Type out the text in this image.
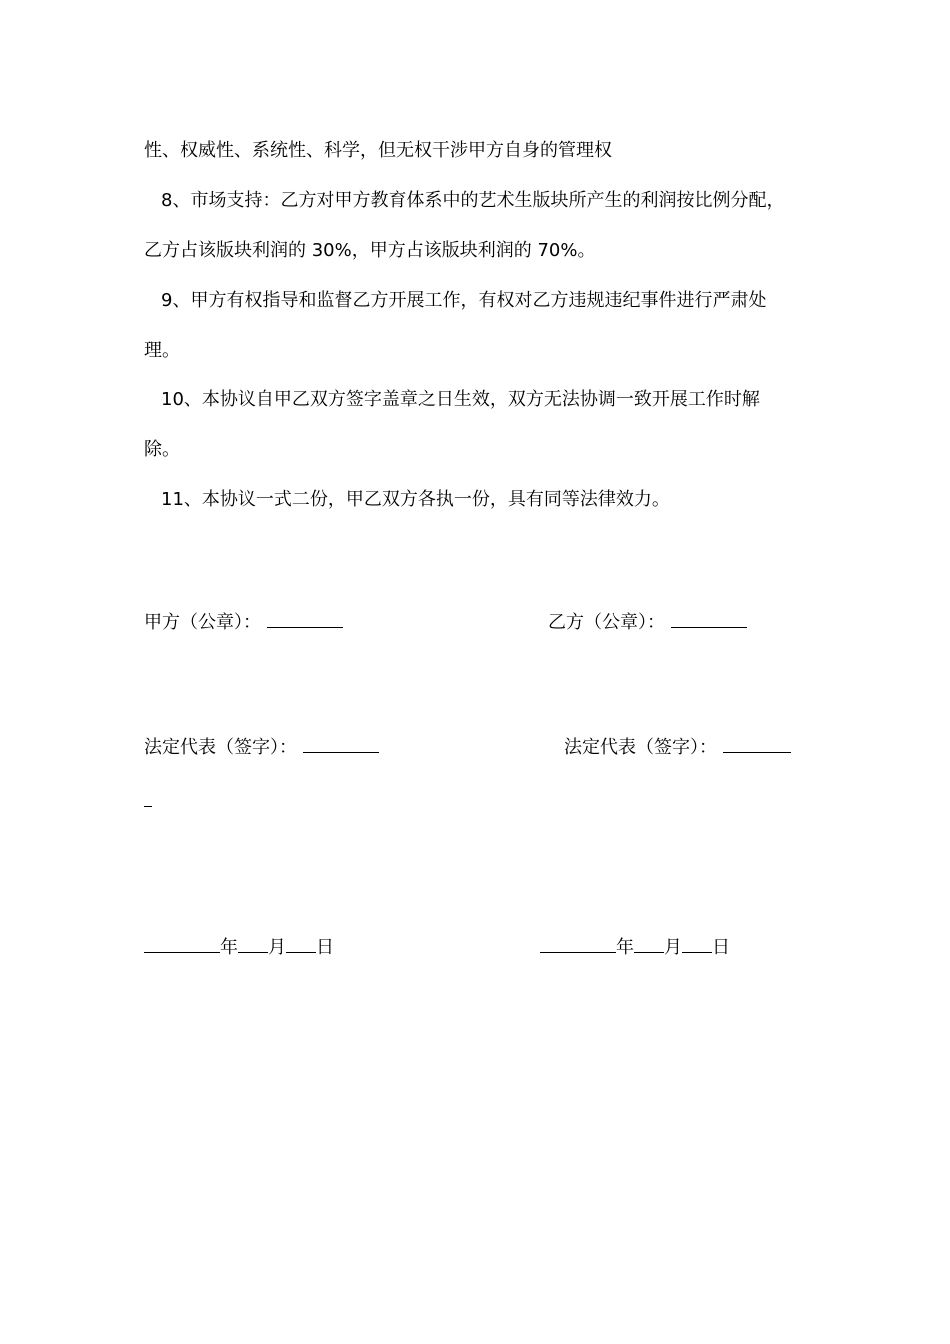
性、权威性、系统性、科学，但无权干涉甲方自身的管理权
8、市场支持：乙方对甲方教育体系中的艺术生版块所产生的利润按比例分配，
乙方占该版块利润的 30%，甲方占该版块利润的 70%。
9、甲方有权指导和监督乙方开展工作，有权对乙方违规违纪事件进行严肃处
理。
10、本协议自甲乙双方签字盖章之日生效，双方无法协调一致开展工作时解
除。
11、本协议一式二份，甲乙双方各执一份，具有同等法律效力。
甲方（公章）：	乙方（公章）：
法定代表（签字）：	法定代表（签字）：
年 月 日	年 月 日
